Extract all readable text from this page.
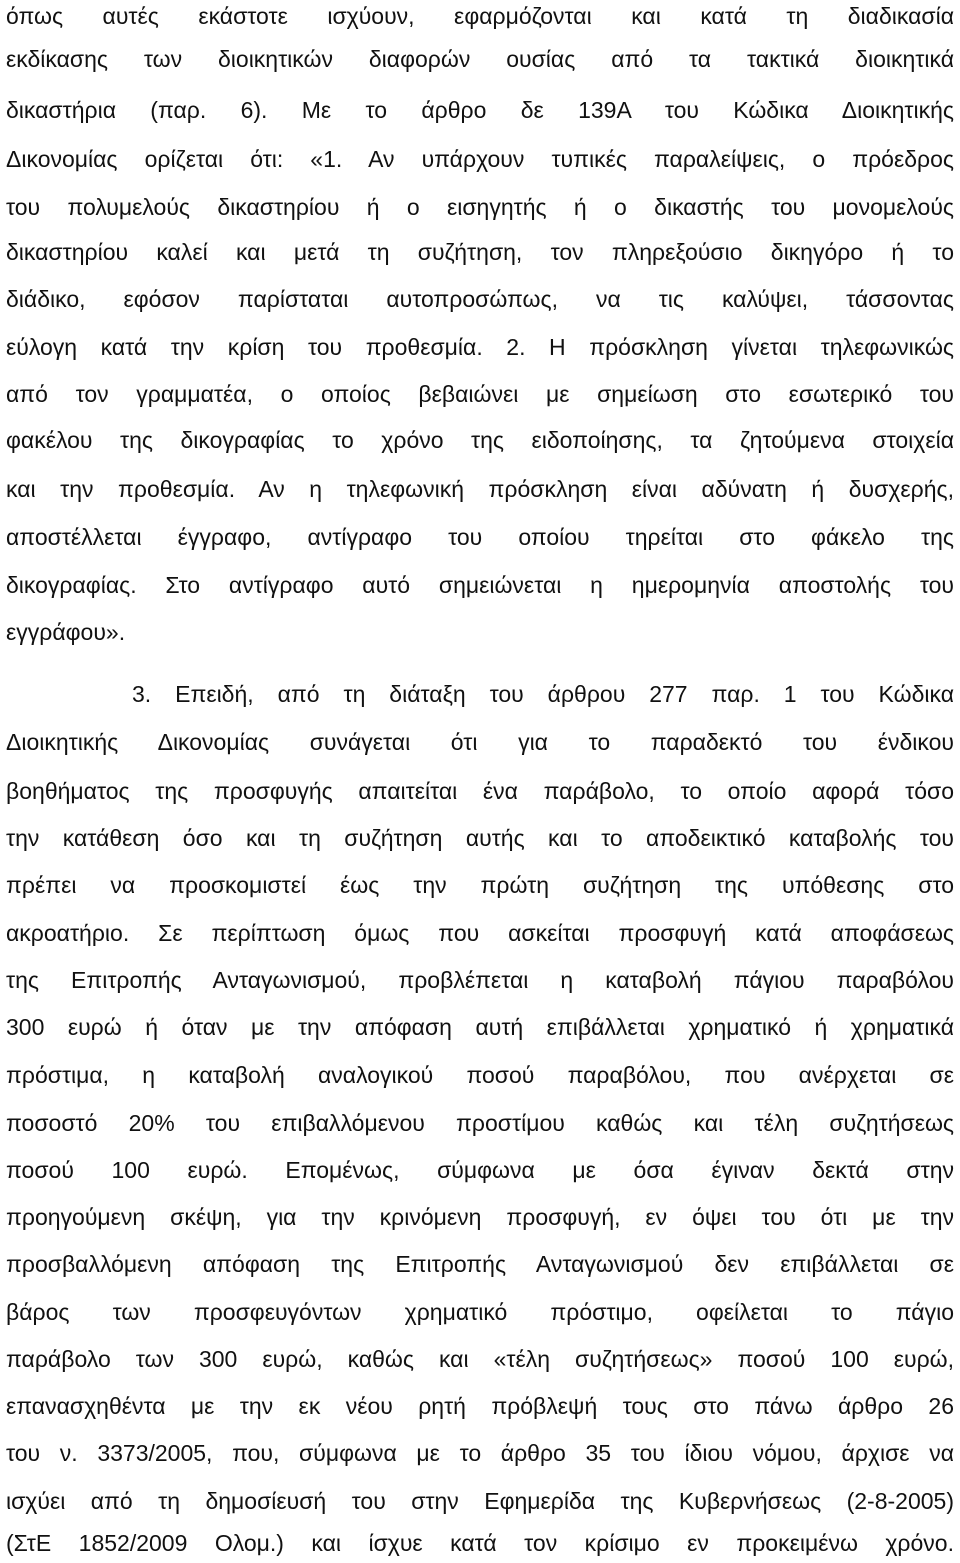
όπως αυτές εκάστοτε ισχύουν, εφαρμόζονται και κατά τη διαδικασία
εκδίκασης των διοικητικών διαφορών ουσίας από τα τακτικά διοικητικά
δικαστήρια (παρ. 6). Με το άρθρο δε 139Α του Κώδικα Διοικητικής
Δικονομίας ορίζεται ότι: «1. Αν υπάρχουν τυπικές παραλείψεις, ο πρόεδρος
του πολυμελούς δικαστηρίου ή ο εισηγητής ή ο δικαστής του μονομελούς
δικαστηρίου καλεί και μετά τη συζήτηση, τον πληρεξούσιο δικηγόρο ή το
διάδικο, εφόσον παρίσταται αυτοπροσώπως, να τις καλύψει, τάσσοντας
εύλογη κατά την κρίση του προθεσμία. 2. Η πρόσκληση γίνεται τηλεφωνικώς
από τον γραμματέα, ο οποίος βεβαιώνει με σημείωση στο εσωτερικό του
φακέλου της δικογραφίας το χρόνο της ειδοποίησης, τα ζητούμενα στοιχεία
και την προθεσμία. Αν η τηλεφωνική πρόσκληση είναι αδύνατη ή δυσχερής,
αποστέλλεται έγγραφο, αντίγραφο του οποίου τηρείται στο φάκελο της
δικογραφίας. Στο αντίγραφο αυτό σημειώνεται η ημερομηνία αποστολής του
εγγράφου».
3. Επειδή, από τη διάταξη του άρθρου 277 παρ. 1 του Κώδικα
Διοικητικής Δικονομίας συνάγεται ότι για το παραδεκτό του ένδικου
βοηθήματος της προσφυγής απαιτείται ένα παράβολο, το οποίο αφορά τόσο
την κατάθεση όσο και τη συζήτηση αυτής και το αποδεικτικό καταβολής του
πρέπει να προσκομιστεί έως την πρώτη συζήτηση της υπόθεσης στο
ακροατήριο. Σε περίπτωση όμως που ασκείται προσφυγή κατά αποφάσεως
της Επιτροπής Ανταγωνισμού, προβλέπεται η καταβολή πάγιου παραβόλου
300 ευρώ ή όταν με την απόφαση αυτή επιβάλλεται χρηματικό ή χρηματικά
πρόστιμα, η καταβολή αναλογικού ποσού παραβόλου, που ανέρχεται σε
ποσοστό 20% του επιβαλλόμενου προστίμου καθώς και τέλη συζητήσεως
ποσού 100 ευρώ. Επομένως, σύμφωνα με όσα έγιναν δεκτά στην
προηγούμενη σκέψη, για την κρινόμενη προσφυγή, εν όψει του ότι με την
προσβαλλόμενη απόφαση της Επιτροπής Ανταγωνισμού δεν επιβάλλεται σε
βάρος των προσφευγόντων χρηματικό πρόστιμο, οφείλεται το πάγιο
παράβολο των 300 ευρώ, καθώς και «τέλη συζητήσεως» ποσού 100 ευρώ,
επανασχηθέντα με την εκ νέου ρητή πρόβλεψή τους στο πάνω άρθρο 26
του ν. 3373/2005, που, σύμφωνα με το άρθρο 35 του ίδιου νόμου, άρχισε να
ισχύει από τη δημοσίευσή του στην Εφημερίδα της Κυβερνήσεως (2-8-2005)
(ΣτΕ 1852/2009 Ολομ.) και ίσχυε κατά τον κρίσιμο εν προκειμένω χρόνο.
